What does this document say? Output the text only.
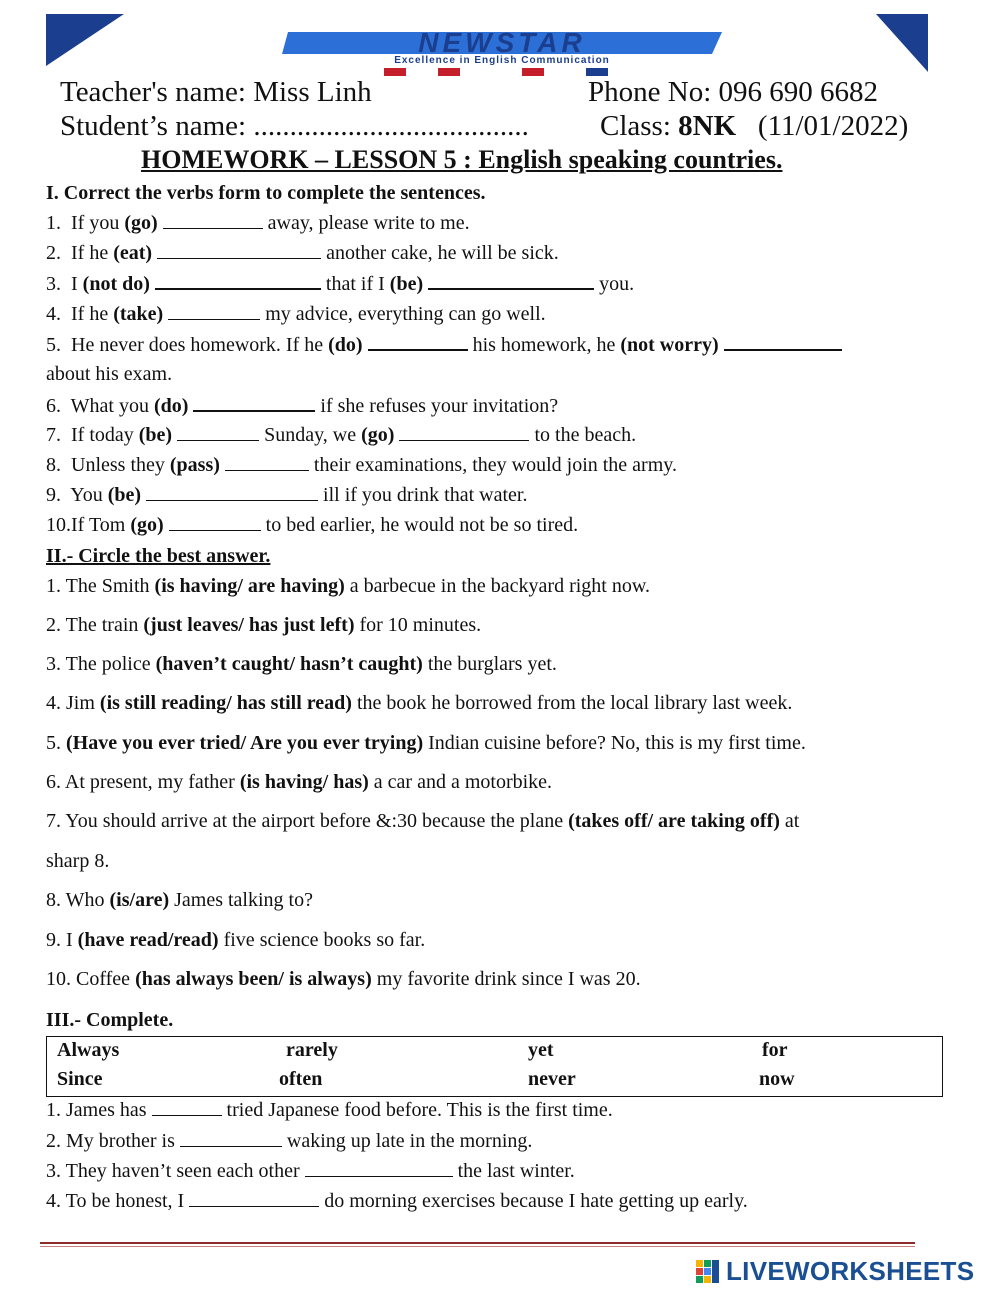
NEWSTAR
Excellence in English Communication
Teacher's name: Miss Linh	Phone No: 096 690 6682
Student’s name: ...................................... Class: 8NK   (11/01/2022)
HOMEWORK – LESSON 5 : English speaking countries.
I. Correct the verbs form to complete the sentences.
1.  If you (go)	away, please write to me.
2.  If he (eat)	another cake, he will be sick.
3.  I (not do)	that if I (be)	you.
4.  If he (take)	my advice, everything can go well.
5.  He never does homework. If he (do)	his homework, he (not worry)
about his exam.
6.  What you (do)	if she refuses your invitation?
7.  If today (be)	Sunday, we (go)	to the beach.
8.  Unless they (pass)	their examinations, they would join the army.
9.  You (be)	ill if you drink that water.
10.If Tom (go)	to bed earlier, he would not be so tired.
II.- Circle the best answer.
1. The Smith (is having/ are having) a barbecue in the backyard right now.
2. The train (just leaves/ has just left) for 10 minutes.
3. The police (haven’t caught/ hasn’t caught) the burglars yet.
4. Jim (is still reading/ has still read) the book he borrowed from the local library last week.
5. (Have you ever tried/ Are you ever trying) Indian cuisine before? No, this is my first time.
6. At present, my father (is having/ has) a car and a motorbike.
7. You should arrive at the airport before &:30 because the plane (takes off/ are taking off) at
sharp 8.
8. Who (is/are) James talking to?
9. I (have read/read) five science books so far.
10. Coffee (has always been/ is always) my favorite drink since I was 20.
III.- Complete.
Always	rarely	yet	for
Since	often	never	now
1. James has	tried Japanese food before. This is the first time.
2. My brother is	waking up late in the morning.
3. They haven’t seen each other	the last winter.
4. To be honest, I	do morning exercises because I hate getting up early.
LIVEWORKSHEETS
